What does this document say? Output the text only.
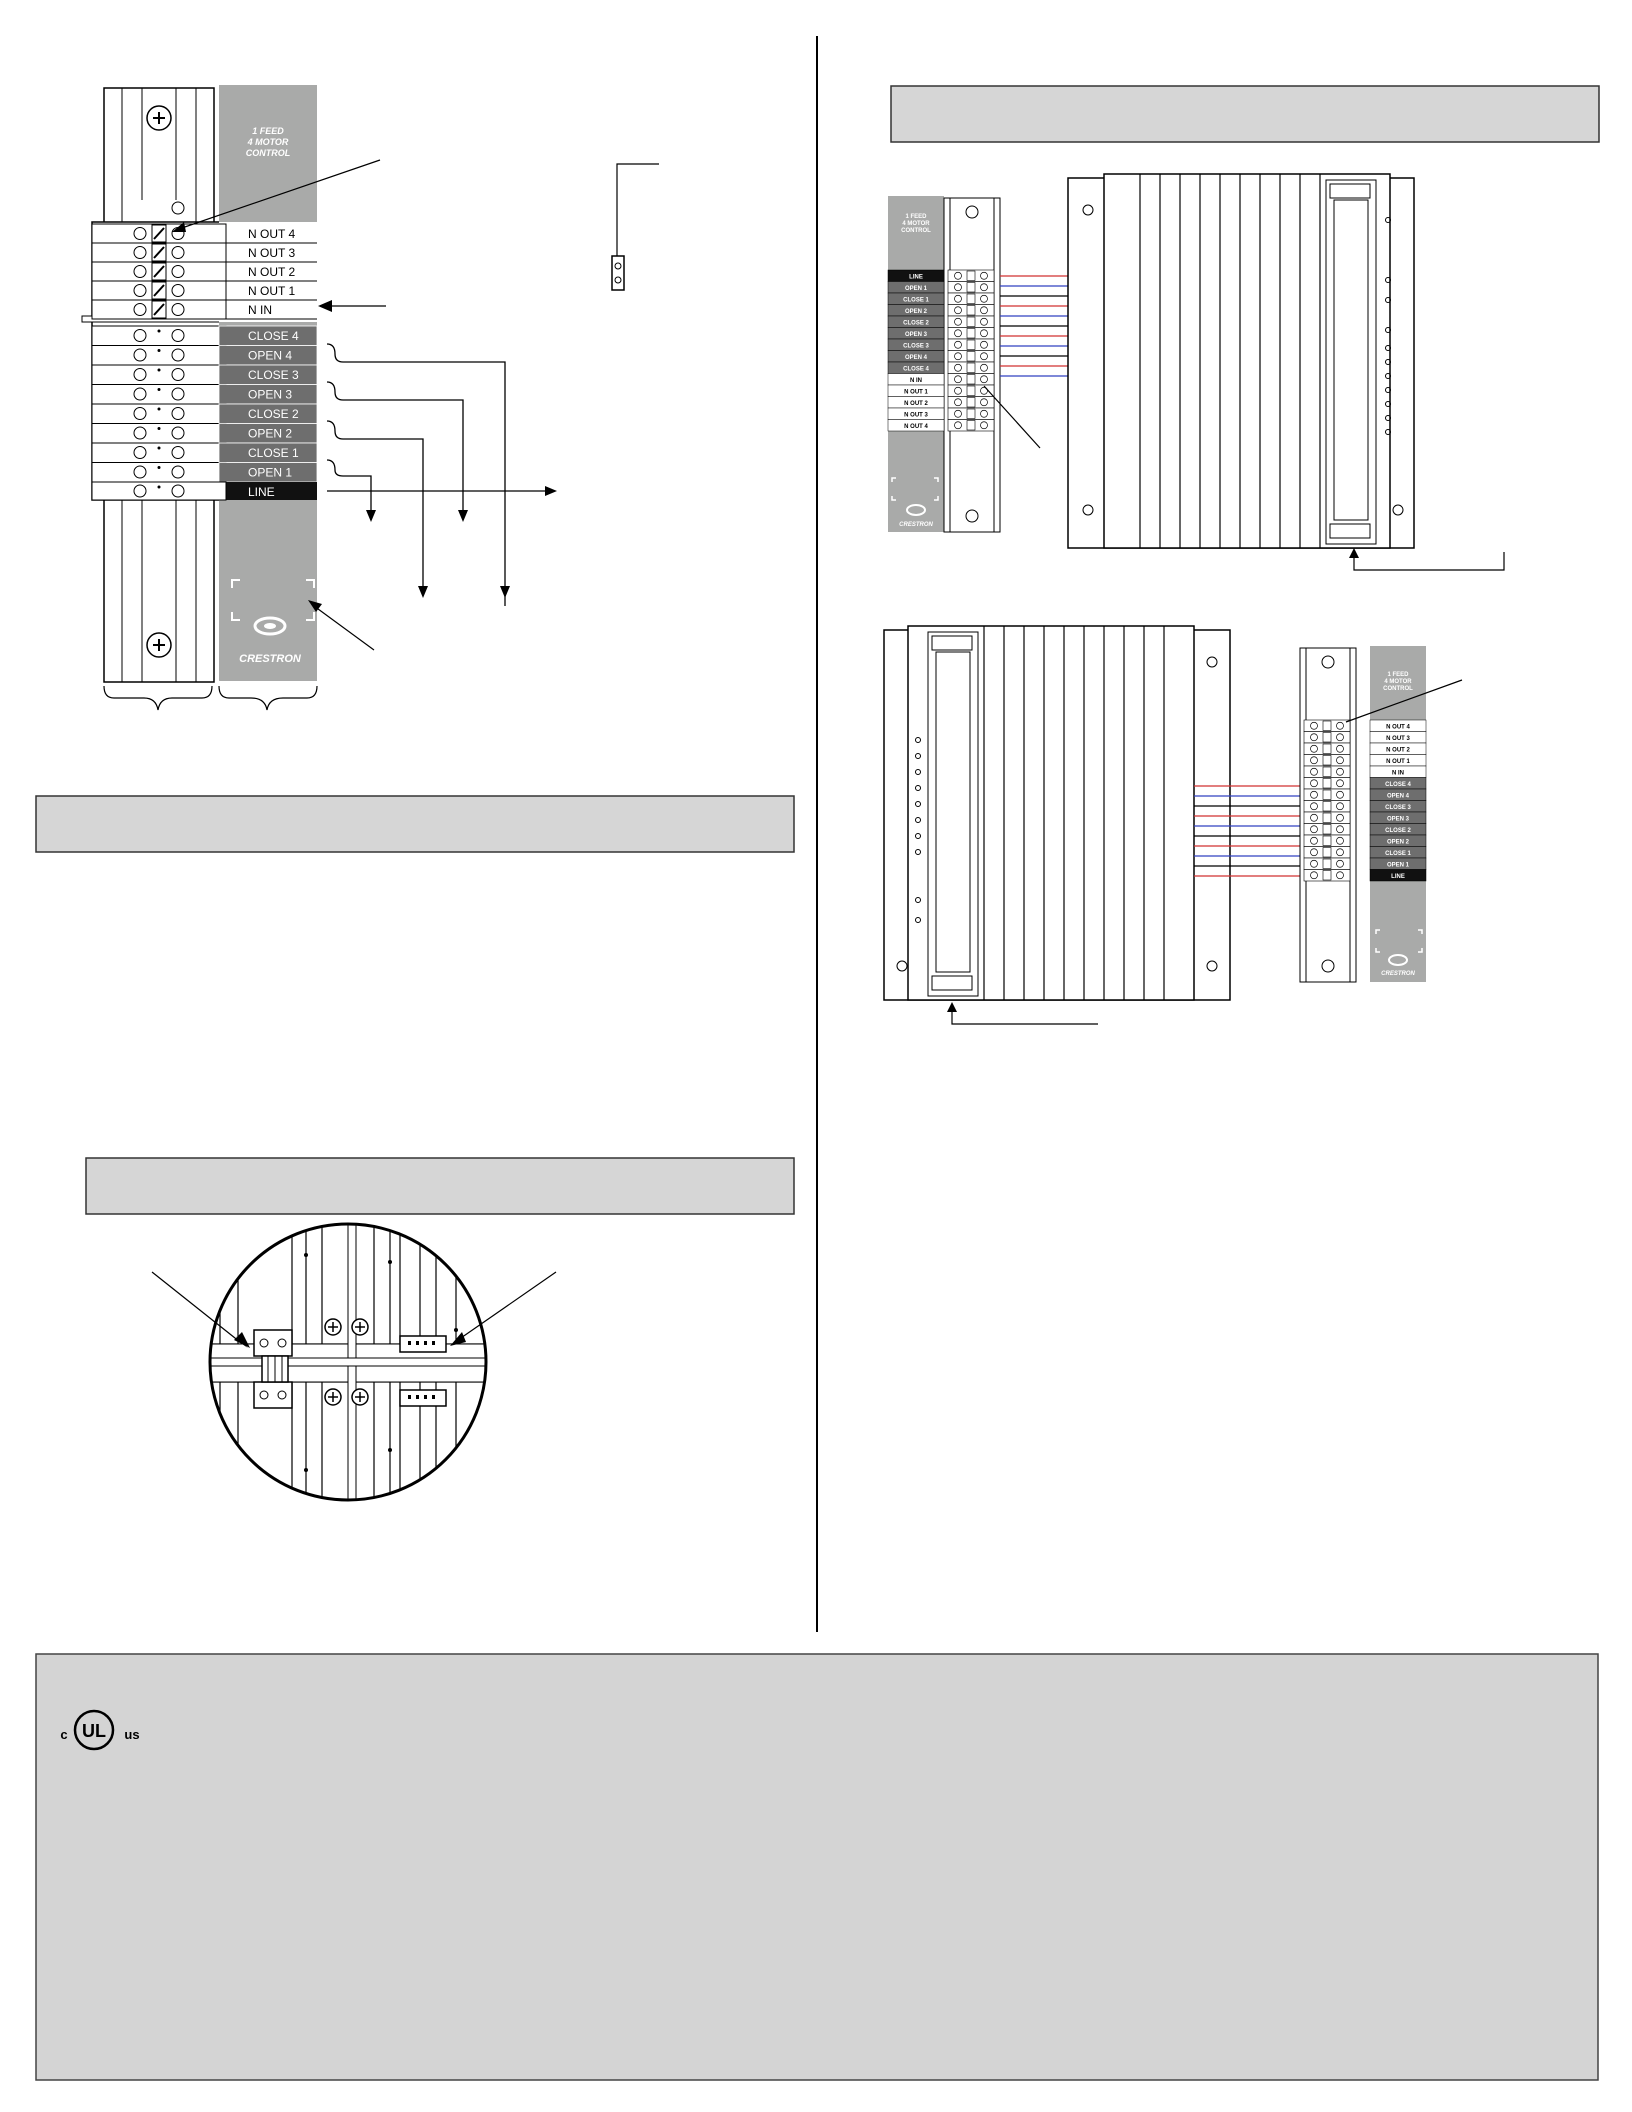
UL
c	us
1 FEED
4 MOTOR
CONTROL
CRESTRON
N OUT 4
N OUT 3
N OUT 2
N OUT 1
N IN
CLOSE 4
OPEN 4
CLOSE 3
OPEN 3
CLOSE 2
OPEN 2
CLOSE 1
OPEN 1
LINE
1 FEED
4 MOTOR
CONTROL
LINE
OPEN 1
CLOSE 1
OPEN 2
CLOSE 2
OPEN 3
CLOSE 3
OPEN 4
CLOSE 4
N IN
N OUT 1
N OUT 2
N OUT 3
N OUT 4
CRESTRON
1 FEED
4 MOTOR
CONTROL
N OUT 4
N OUT 3
N OUT 2
N OUT 1
N IN
CLOSE 4
OPEN 4
CLOSE 3
OPEN 3
CLOSE 2
OPEN 2
CLOSE 1
OPEN 1
LINE
CRESTRON
